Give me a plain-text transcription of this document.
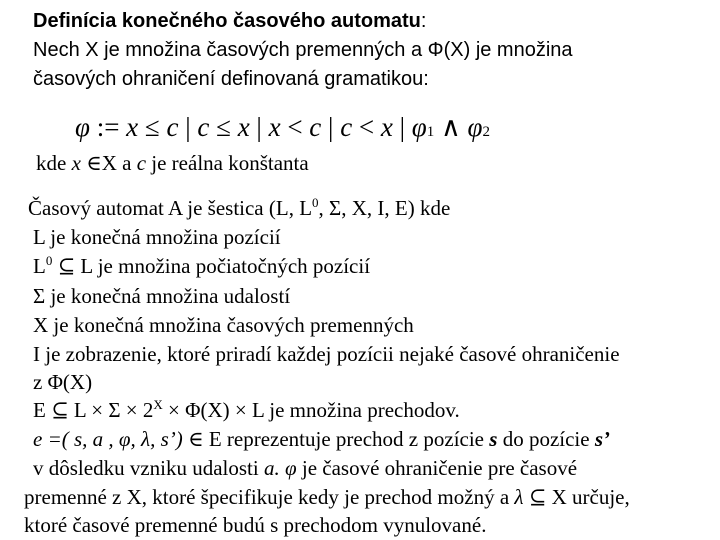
Definícia konečného časového automatu:
Nech X je množina časových premenných a Φ(X) je množina
časových ohraničení definovaná gramatikou:
φ := x ≤ c | c ≤ x | x < c | c < x | φ1 ∧ φ2
kde x ∈X a c je reálna konštanta
Časový automat A je šestica (L, $L^0$, Σ, X, I, E) kde
L je konečná množina pozícií
$L^0$ ⊆ L je množina počiatočných pozícií
Σ je konečná množina udalostí
X je konečná množina časových premenných
I je zobrazenie, ktoré priradí každej pozícii nejaké časové ohraničenie
z Φ(X)
E ⊆ $L \times \Sigma \times 2^X \times \Phi(X) \times L$ je množina prechodov.
e =( s, a , φ, λ, s’) ∈ E reprezentuje prechod z pozície s do pozície s’
v dôsledku vzniku udalosti a. φ je časové ohraničenie pre časové
premenné z X, ktoré špecifikuje kedy je prechod možný a λ ⊆ X určuje,
ktoré časové premenné budú s prechodom vynulované.
